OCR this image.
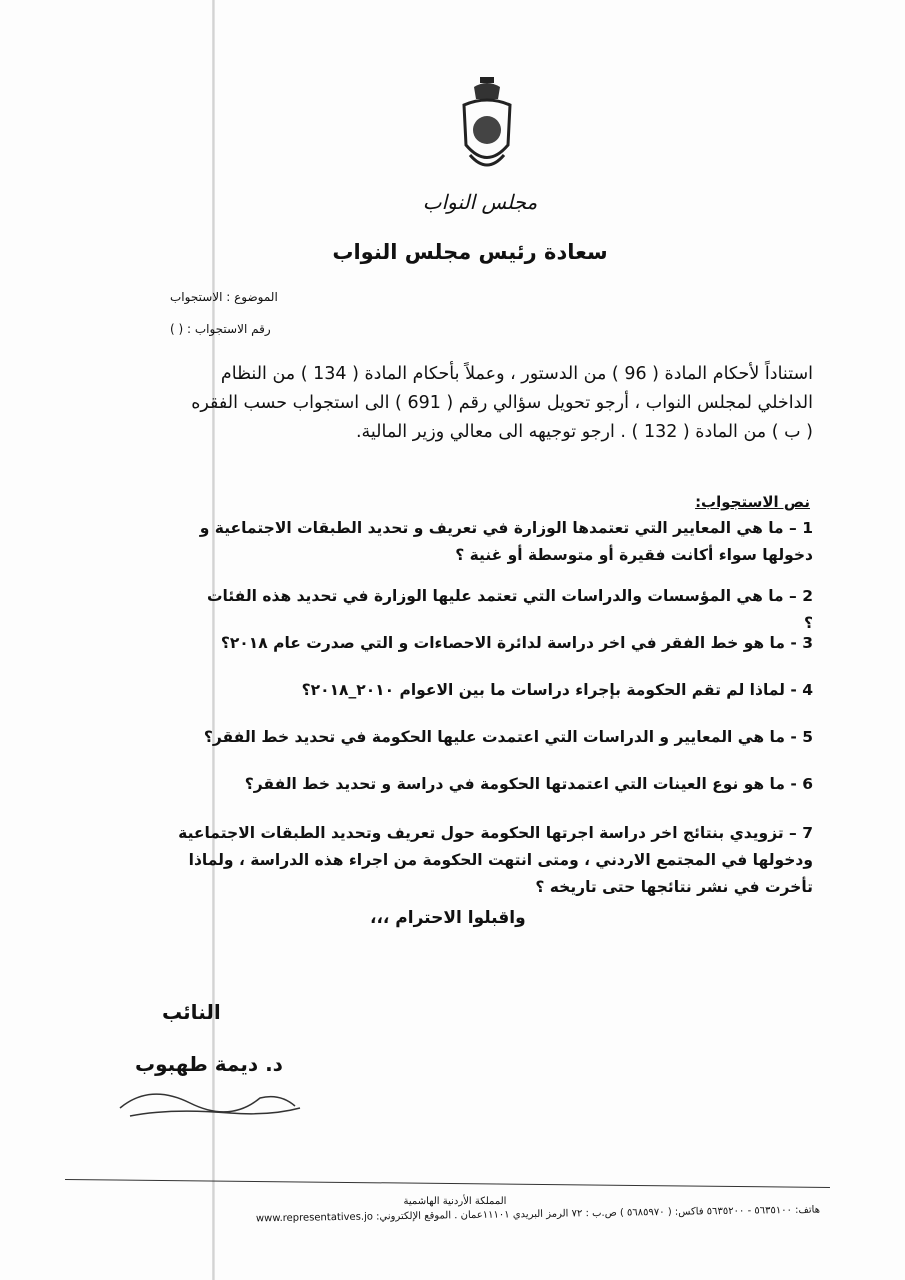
مجلس النواب
سعادة رئيس مجلس النواب
الموضوع : الاستجواب
رقم الاستجواب : ( )
استناداً لأحكام المادة ( 96 ) من الدستور ، وعملاً بأحكام المادة ( 134 ) من النظام
الداخلي لمجلس النواب ، أرجو تحويل سؤالي رقم ( 691 ) الى استجواب حسب الفقره
( ب ) من المادة ( 132 ) . ارجو توجيهه الى معالي وزير المالية.
نص الاستجواب:
1 – ما هي المعايير التي تعتمدها الوزارة في تعريف و تحديد الطبقات الاجتماعية و دخولها سواء أكانت فقيرة أو متوسطة أو غنية ؟
2 – ما هي المؤسسات والدراسات التي تعتمد عليها الوزارة في تحديد هذه الفئات ؟
3 - ما هو خط الفقر في اخر دراسة لدائرة الاحصاءات و التي صدرت عام ٢٠١٨؟
4 - لماذا لم تقم الحكومة بإجراء دراسات ما بين الاعوام ٢٠١٠_٢٠١٨؟
5 - ما هي المعايير و الدراسات التي اعتمدت عليها الحكومة في تحديد خط الفقر؟
6 - ما هو نوع العينات التي اعتمدتها الحكومة في دراسة و تحديد خط الفقر؟
7 – تزويدي بنتائج اخر دراسة اجرتها الحكومة حول تعريف وتحديد الطبقات الاجتماعية ودخولها في المجتمع الاردني ، ومتى انتهت الحكومة من اجراء هذه الدراسة ، ولماذا تأخرت في نشر نتائجها حتى تاريخه ؟
واقبلوا الاحترام ،،،
النائب
د. ديمة طهبوب
المملكة الأردنية الهاشمية
هاتف: ٥٦٣٥١٠٠ - ٥٦٣٥٢٠٠ فاكس: ( ٥٦٨٥٩٧٠ ) ص.ب : ٧٢ الرمز البريدي ١١١٠١عمان . الموقع الإلكتروني: www.representatives.jo
